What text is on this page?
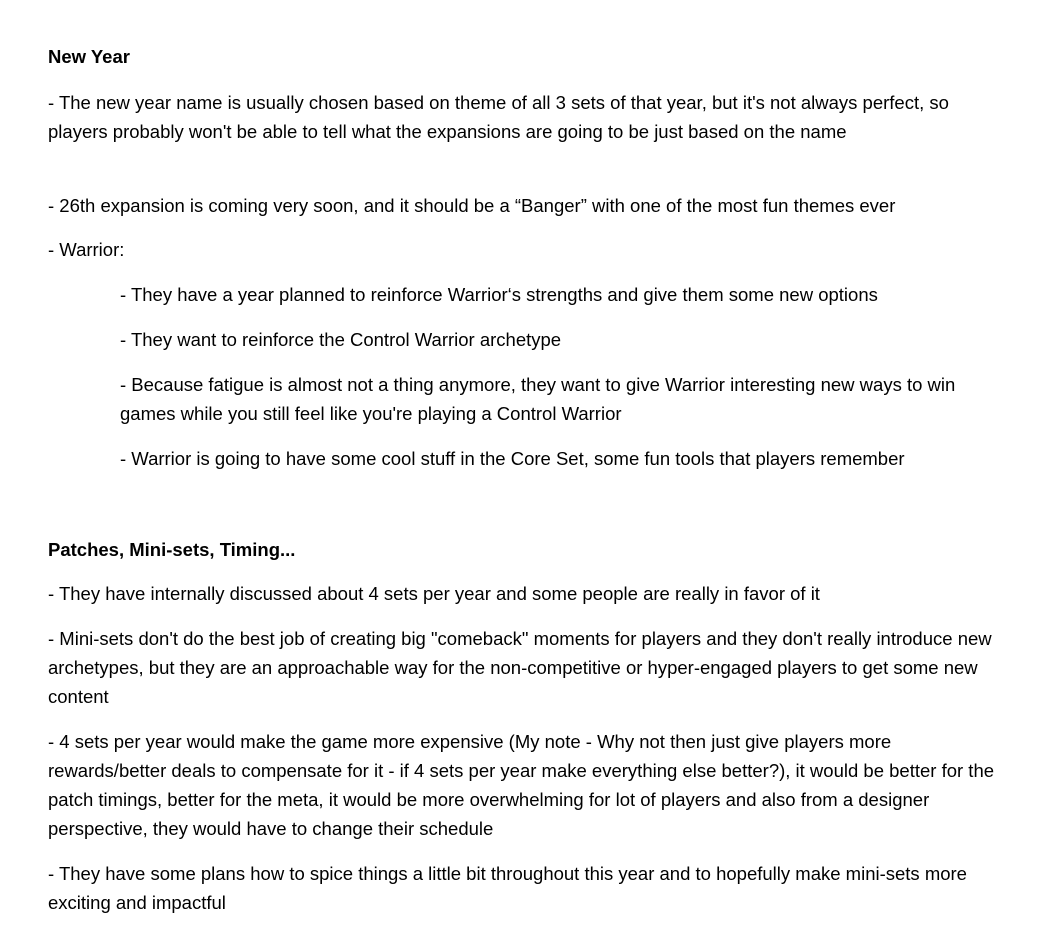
New Year
- The new year name is usually chosen based on theme of all 3 sets of that year, but it's not always perfect, so players probably won't be able to tell what the expansions are going to be just based on the name
- 26th expansion is coming very soon, and it should be a “Banger” with one of the most fun themes ever
- Warrior:
- They have a year planned to reinforce Warrior‘s strengths and give them some new options
- They want to reinforce the Control Warrior archetype
- Because fatigue is almost not a thing anymore, they want to give Warrior interesting new ways to win games while you still feel like you're playing a Control Warrior
- Warrior is going to have some cool stuff in the Core Set, some fun tools that players remember
Patches, Mini-sets, Timing...
- They have internally discussed about 4 sets per year and some people are really in favor of it
- Mini-sets don't do the best job of creating big "comeback" moments for players and they don't really introduce new archetypes, but they are an approachable way for the non-competitive or hyper-engaged players to get some new content
- 4 sets per year would make the game more expensive (My note - Why not then just give players more rewards/better deals to compensate for it - if 4 sets per year make everything else better?), it would be better for the patch timings, better for the meta, it would be more overwhelming for lot of players and also from a designer perspective, they would have to change their schedule
- They have some plans how to spice things a little bit throughout this year and to hopefully make mini-sets more exciting and impactful
